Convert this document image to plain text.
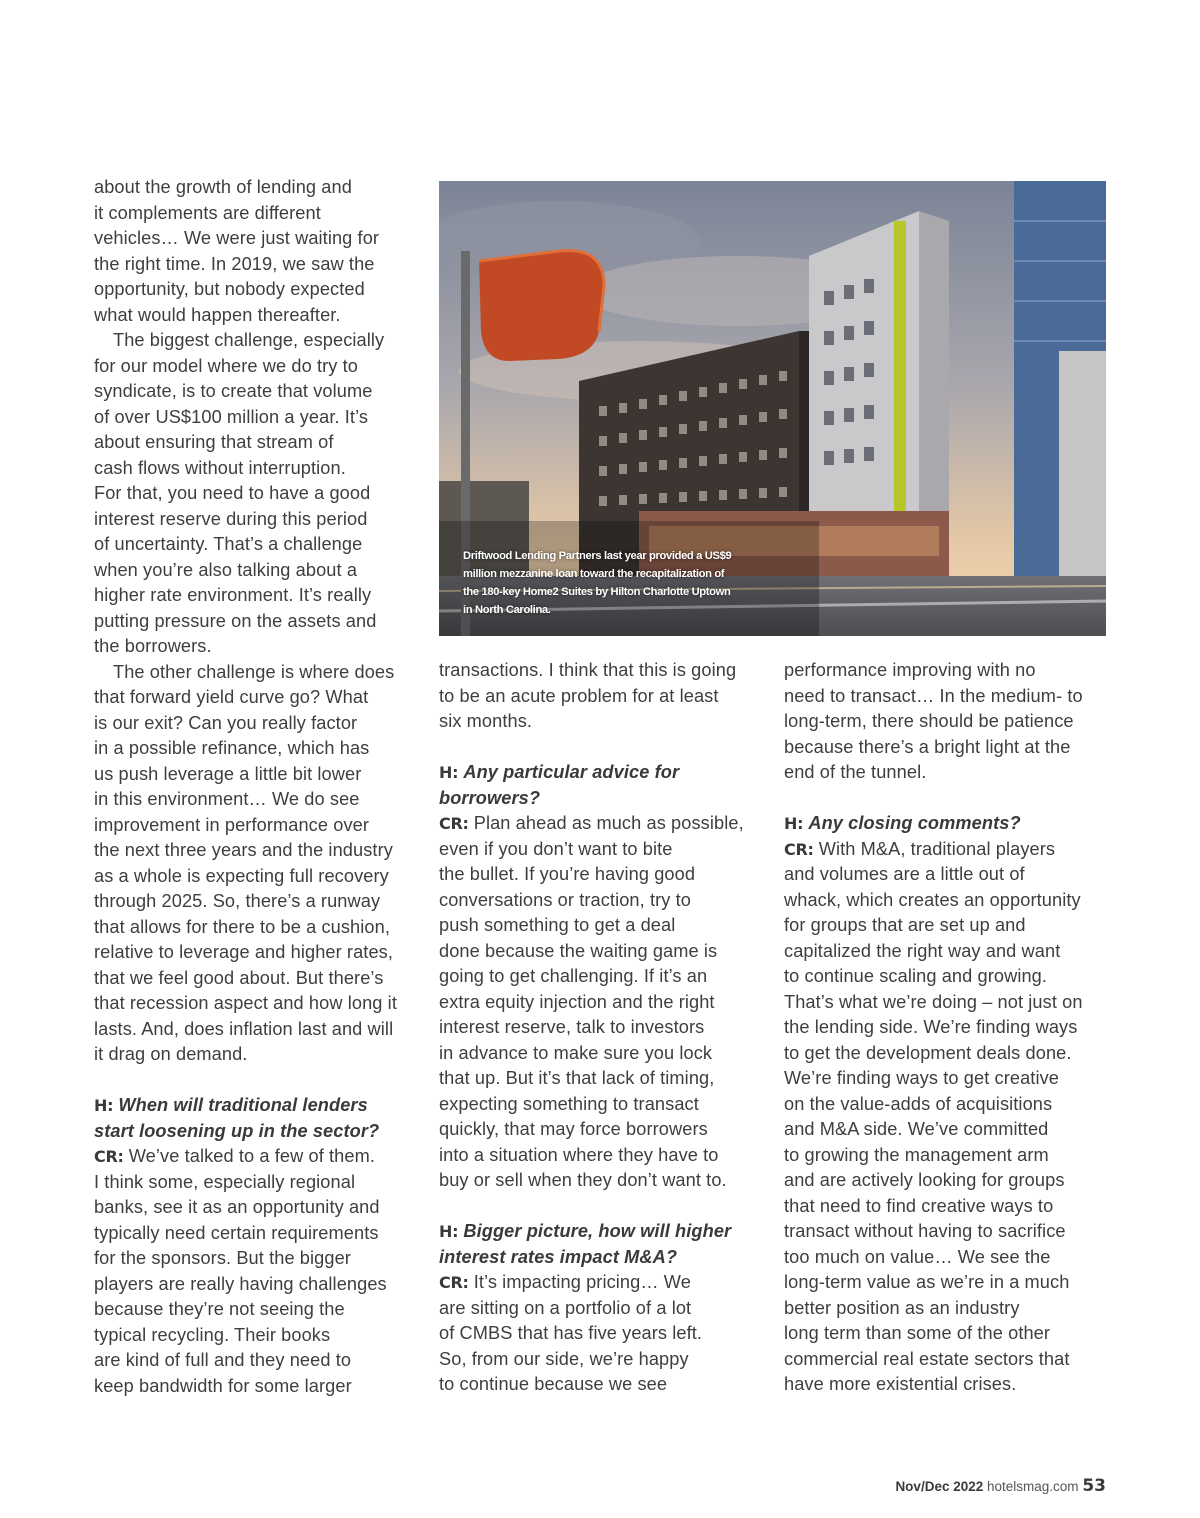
about the growth of lending and
it complements are different
vehicles… We were just waiting for
the right time. In 2019, we saw the
opportunity, but nobody expected
what would happen thereafter.

The biggest challenge, especially
for our model where we do try to
syndicate, is to create that volume
of over US$100 million a year. It’s
about ensuring that stream of
cash flows without interruption.
For that, you need to have a good
interest reserve during this period
of uncertainty. That’s a challenge
when you’re also talking about a
higher rate environment. It’s really
putting pressure on the assets and
the borrowers.

The other challenge is where does
that forward yield curve go? What
is our exit? Can you really factor
in a possible refinance, which has
us push leverage a little bit lower
in this environment… We do see
improvement in performance over
the next three years and the industry
as a whole is expecting full recovery
through 2025. So, there’s a runway
that allows for there to be a cushion,
relative to leverage and higher rates,
that we feel good about. But there’s
that recession aspect and how long it
lasts. And, does inflation last and will
it drag on demand.

H: When will traditional lenders
start loosening up in the sector?

CR: We’ve talked to a few of them.
I think some, especially regional
banks, see it as an opportunity and
typically need certain requirements
for the sponsors. But the bigger
players are really having challenges
because they’re not seeing the
typical recycling. Their books
are kind of full and they need to
keep bandwidth for some larger

Driftwood Lending Partners last year provided a US$9
million mezzanine loan toward the recapitalization of
the 180-key Home2 Suites by Hilton Charlotte Uptown
in North Carolina.

transactions. I think that this is going
to be an acute problem for at least
six months.

H: Any particular advice for
borrowers?

CR: Plan ahead as much as possible,
even if you don’t want to bite
the bullet. If you’re having good
conversations or traction, try to
push something to get a deal
done because the waiting game is
going to get challenging. If it’s an
extra equity injection and the right
interest reserve, talk to investors
in advance to make sure you lock
that up. But it’s that lack of timing,
expecting something to transact
quickly, that may force borrowers
into a situation where they have to
buy or sell when they don’t want to.

H: Bigger picture, how will higher
interest rates impact M&A?

CR: It’s impacting pricing… We
are sitting on a portfolio of a lot
of CMBS that has five years left.
So, from our side, we’re happy
to continue because we see

performance improving with no
need to transact… In the medium- to
long-term, there should be patience
because there’s a bright light at the
end of the tunnel.

H: Any closing comments?

CR: With M&A, traditional players
and volumes are a little out of
whack, which creates an opportunity
for groups that are set up and
capitalized the right way and want
to continue scaling and growing.
That’s what we’re doing – not just on
the lending side. We’re finding ways
to get the development deals done.
We’re finding ways to get creative
on the value-adds of acquisitions
and M&A side. We’ve committed
to growing the management arm
and are actively looking for groups
that need to find creative ways to
transact without having to sacrifice
too much on value… We see the
long-term value as we’re in a much
better position as an industry
long term than some of the other
commercial real estate sectors that
have more existential crises.

Nov/Dec 2022 hotelsmag.com 53
